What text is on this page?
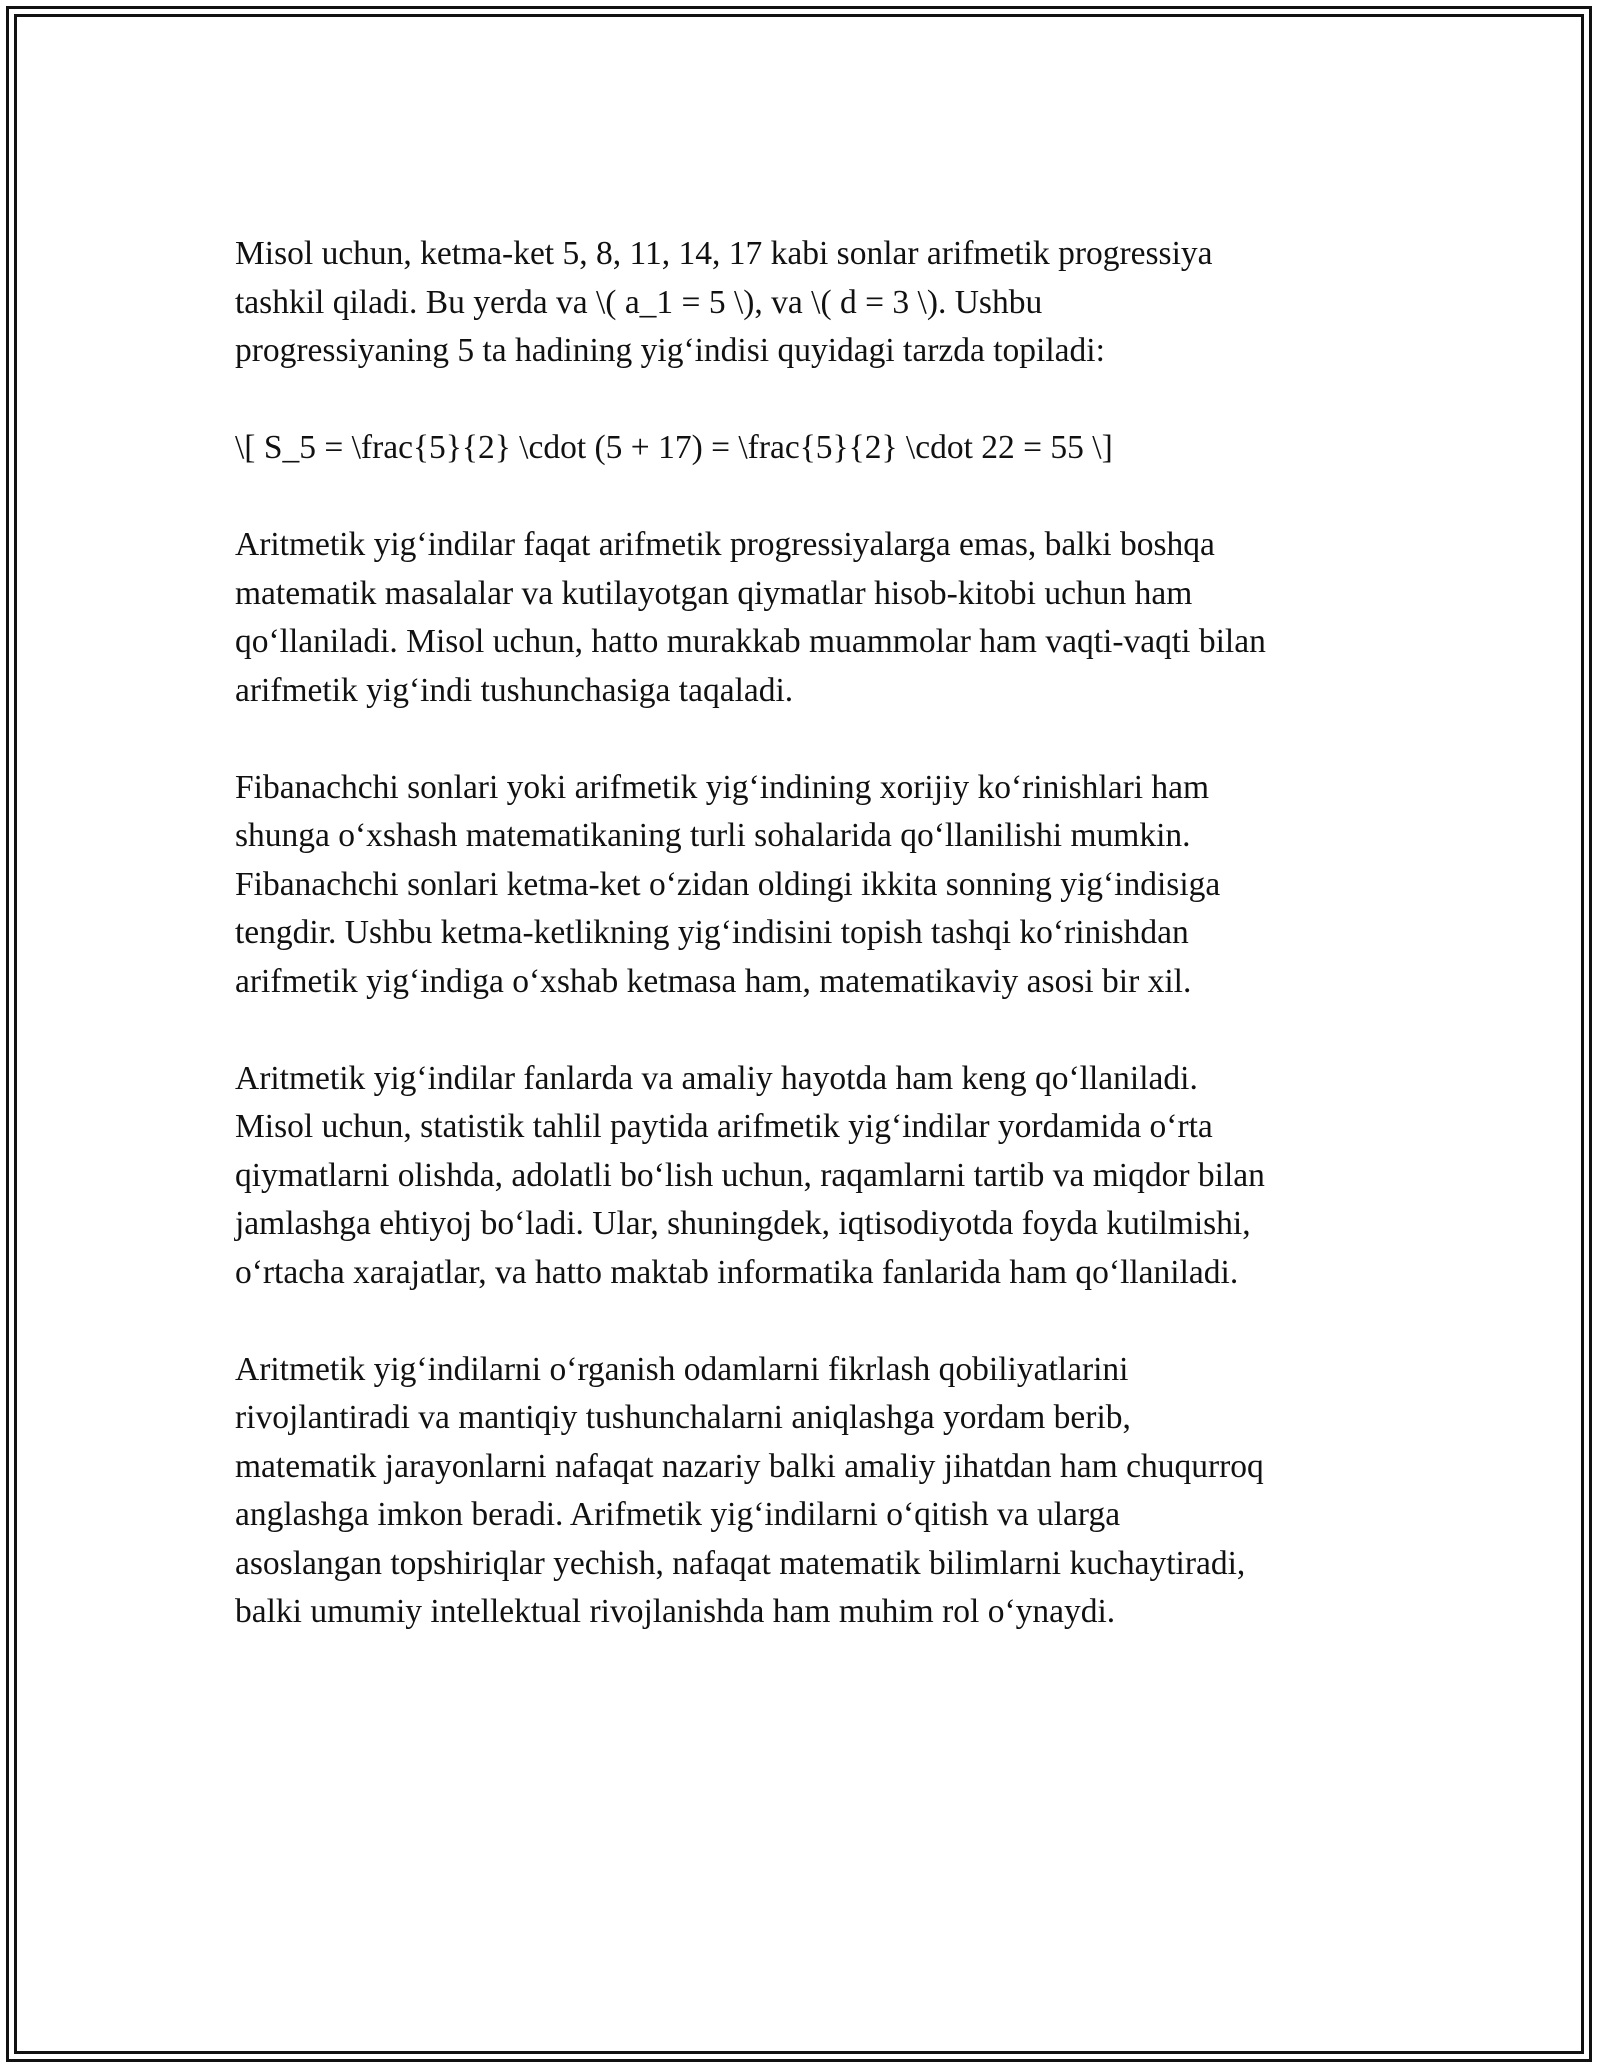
Misol uchun, ketma-ket 5, 8, 11, 14, 17 kabi sonlar arifmetik progressiya
tashkil qiladi. Bu yerda va \( a_1 = 5 \), va \( d = 3 \). Ushbu
progressiyaning 5 ta hadining yig‘indisi quyidagi tarzda topiladi:

\[ S_5 = \frac{5}{2} \cdot (5 + 17) = \frac{5}{2} \cdot 22 = 55 \]

Aritmetik yig‘indilar faqat arifmetik progressiyalarga emas, balki boshqa
matematik masalalar va kutilayotgan qiymatlar hisob-kitobi uchun ham
qo‘llaniladi. Misol uchun, hatto murakkab muammolar ham vaqti-vaqti bilan
arifmetik yig‘indi tushunchasiga taqaladi.

Fibanachchi sonlari yoki arifmetik yig‘indining xorijiy ko‘rinishlari ham
shunga o‘xshash matematikaning turli sohalarida qo‘llanilishi mumkin.
Fibanachchi sonlari ketma-ket o‘zidan oldingi ikkita sonning yig‘indisiga
tengdir. Ushbu ketma-ketlikning yig‘indisini topish tashqi ko‘rinishdan
arifmetik yig‘indiga o‘xshab ketmasa ham, matematikaviy asosi bir xil.

Aritmetik yig‘indilar fanlarda va amaliy hayotda ham keng qo‘llaniladi.
Misol uchun, statistik tahlil paytida arifmetik yig‘indilar yordamida o‘rta
qiymatlarni olishda, adolatli bo‘lish uchun, raqamlarni tartib va miqdor bilan
jamlashga ehtiyoj bo‘ladi. Ular, shuningdek, iqtisodiyotda foyda kutilmishi,
o‘rtacha xarajatlar, va hatto maktab informatika fanlarida ham qo‘llaniladi.

Aritmetik yig‘indilarni o‘rganish odamlarni fikrlash qobiliyatlarini
rivojlantiradi va mantiqiy tushunchalarni aniqlashga yordam berib,
matematik jarayonlarni nafaqat nazariy balki amaliy jihatdan ham chuqurroq
anglashga imkon beradi. Arifmetik yig‘indilarni o‘qitish va ularga
asoslangan topshiriqlar yechish, nafaqat matematik bilimlarni kuchaytiradi,
balki umumiy intellektual rivojlanishda ham muhim rol o‘ynaydi.
